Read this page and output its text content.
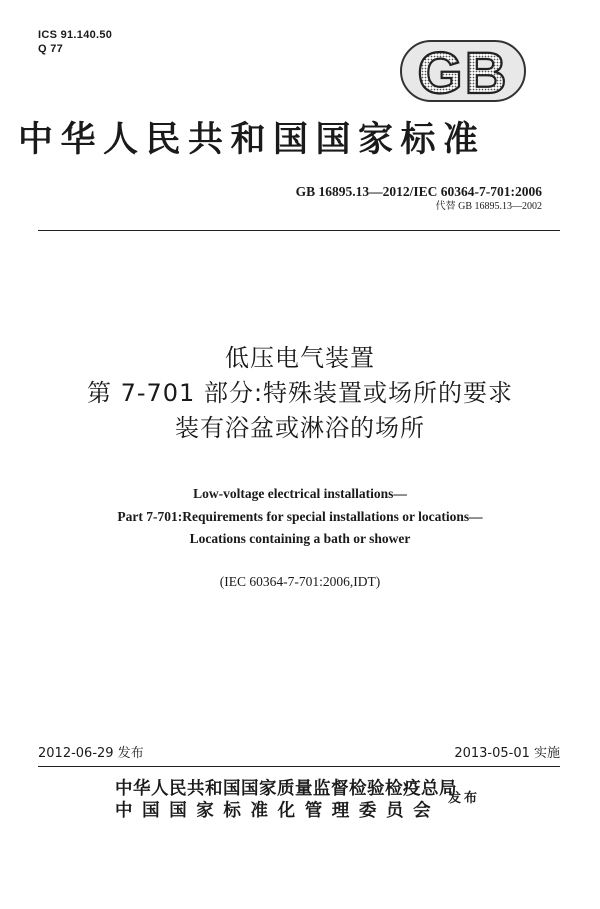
ICS 91.140.50
Q 77	GB
中华人民共和国国家标准
GB 16895.13—2012/IEC 60364-7-701:2006
代替 GB 16895.13—2002
低压电气装置
第 7-701 部分:特殊装置或场所的要求
装有浴盆或淋浴的场所
Low-voltage electrical installations—
Part 7-701:Requirements for special installations or locations—
Locations containing a bath or shower
(IEC 60364-7-701:2006,IDT)
2012-06-29 发布	2013-05-01 实施
中华人民共和国国家质量监督检验检疫总局
中国国家标准化管理委员会
发布
